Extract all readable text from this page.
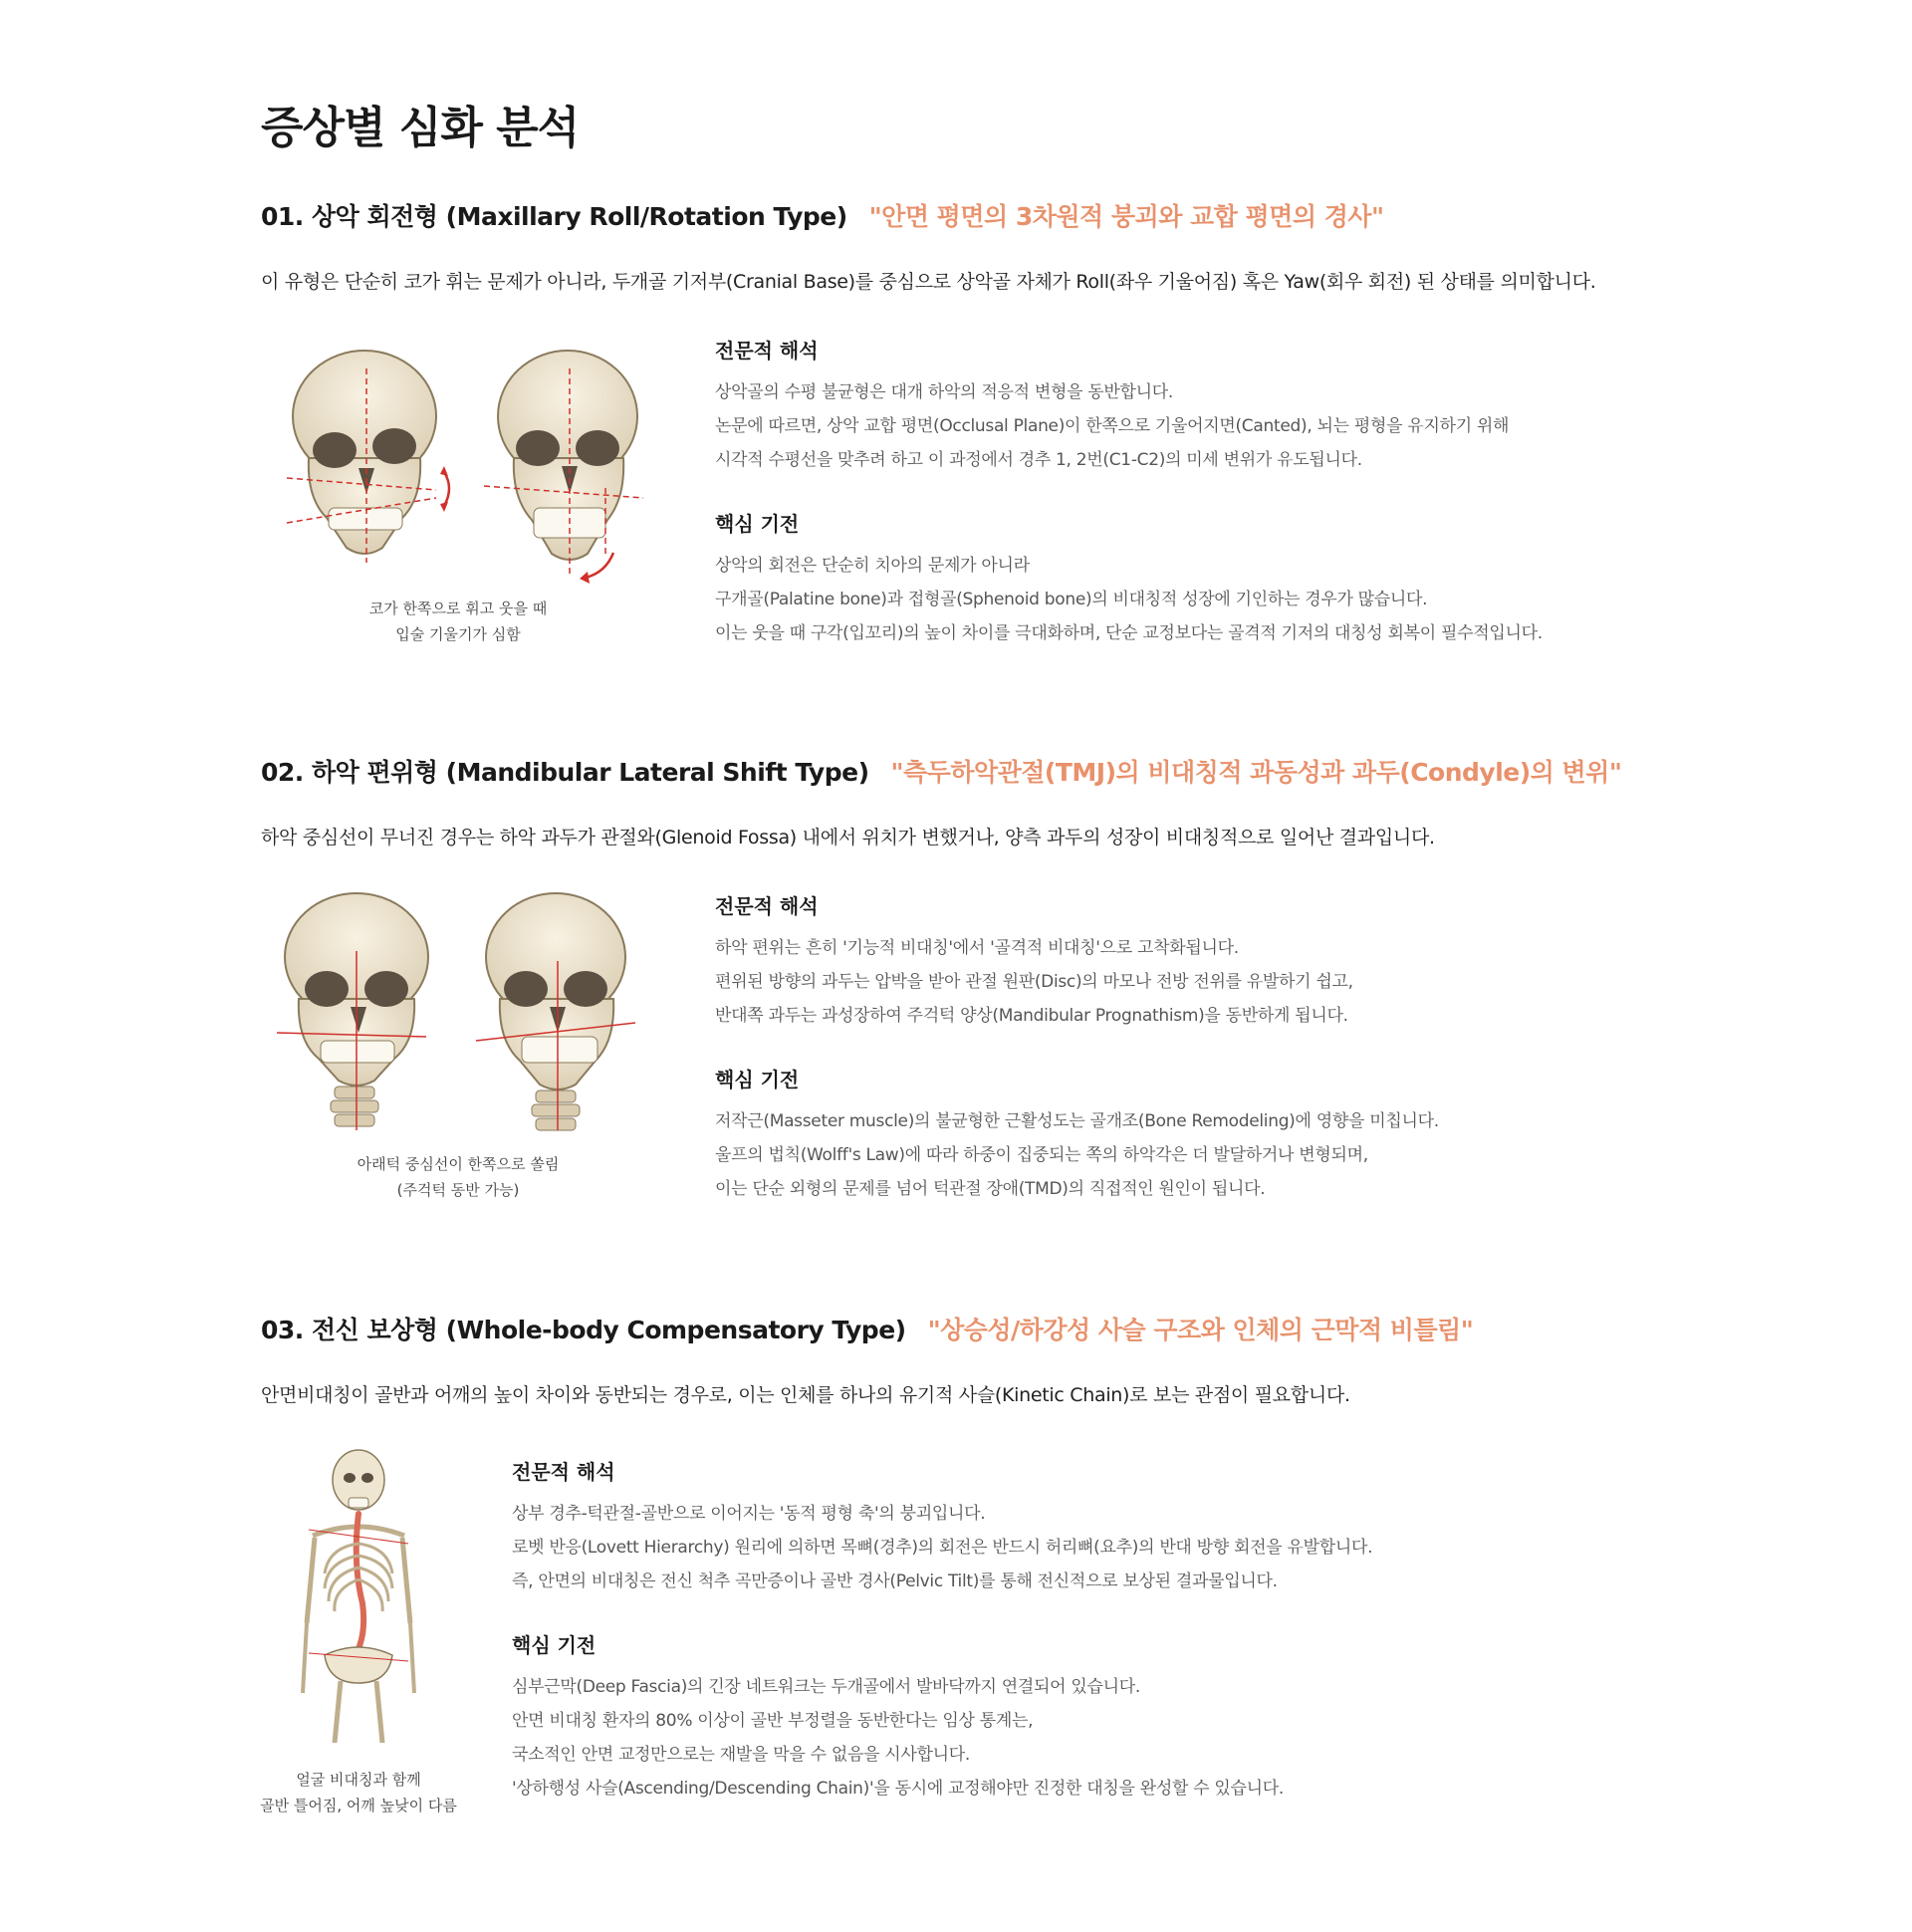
증상별 심화 분석
01. 상악 회전형 (Maxillary Roll/Rotation Type) "안면 평면의 3차원적 붕괴와 교합 평면의 경사"
이 유형은 단순히 코가 휘는 문제가 아니라, 두개골 기저부(Cranial Base)를 중심으로 상악골 자체가 Roll(좌우 기울어짐) 혹은 Yaw(회우 회전) 된 상태를 의미합니다.
코가 한쪽으로 휘고 웃을 때
입술 기울기가 심함
전문적 해석
상악골의 수평 불균형은 대개 하악의 적응적 변형을 동반합니다.
논문에 따르면, 상악 교합 평면(Occlusal Plane)이 한쪽으로 기울어지면(Canted), 뇌는 평형을 유지하기 위해
시각적 수평선을 맞추려 하고 이 과정에서 경추 1, 2번(C1-C2)의 미세 변위가 유도됩니다.
핵심 기전
상악의 회전은 단순히 치아의 문제가 아니라
구개골(Palatine bone)과 접형골(Sphenoid bone)의 비대칭적 성장에 기인하는 경우가 많습니다.
이는 웃을 때 구각(입꼬리)의 높이 차이를 극대화하며, 단순 교정보다는 골격적 기저의 대칭성 회복이 필수적입니다.
02. 하악 편위형 (Mandibular Lateral Shift Type) "측두하악관절(TMJ)의 비대칭적 과동성과 과두(Condyle)의 변위"
하악 중심선이 무너진 경우는 하악 과두가 관절와(Glenoid Fossa) 내에서 위치가 변했거나, 양측 과두의 성장이 비대칭적으로 일어난 결과입니다.
아래턱 중심선이 한쪽으로 쏠림
(주걱턱 동반 가능)
전문적 해석
하악 편위는 흔히 '기능적 비대칭'에서 '골격적 비대칭'으로 고착화됩니다.
편위된 방향의 과두는 압박을 받아 관절 원판(Disc)의 마모나 전방 전위를 유발하기 쉽고,
반대쪽 과두는 과성장하여 주걱턱 양상(Mandibular Prognathism)을 동반하게 됩니다.
핵심 기전
저작근(Masseter muscle)의 불균형한 근활성도는 골개조(Bone Remodeling)에 영향을 미칩니다.
울프의 법칙(Wolff's Law)에 따라 하중이 집중되는 쪽의 하악각은 더 발달하거나 변형되며,
이는 단순 외형의 문제를 넘어 턱관절 장애(TMD)의 직접적인 원인이 됩니다.
03. 전신 보상형 (Whole-body Compensatory Type) "상승성/하강성 사슬 구조와 인체의 근막적 비틀림"
안면비대칭이 골반과 어깨의 높이 차이와 동반되는 경우로, 이는 인체를 하나의 유기적 사슬(Kinetic Chain)로 보는 관점이 필요합니다.
얼굴 비대칭과 함께
골반 틀어짐, 어깨 높낮이 다름
전문적 해석
상부 경추-턱관절-골반으로 이어지는 '동적 평형 축'의 붕괴입니다.
로벳 반응(Lovett Hierarchy) 원리에 의하면 목뼈(경추)의 회전은 반드시 허리뼈(요추)의 반대 방향 회전을 유발합니다.
즉, 안면의 비대칭은 전신 척추 곡만증이나 골반 경사(Pelvic Tilt)를 통해 전신적으로 보상된 결과물입니다.
핵심 기전
심부근막(Deep Fascia)의 긴장 네트워크는 두개골에서 발바닥까지 연결되어 있습니다.
안면 비대칭 환자의 80% 이상이 골반 부정렬을 동반한다는 임상 통계는,
국소적인 안면 교정만으로는 재발을 막을 수 없음을 시사합니다.
'상하행성 사슬(Ascending/Descending Chain)'을 동시에 교정해야만 진정한 대칭을 완성할 수 있습니다.
